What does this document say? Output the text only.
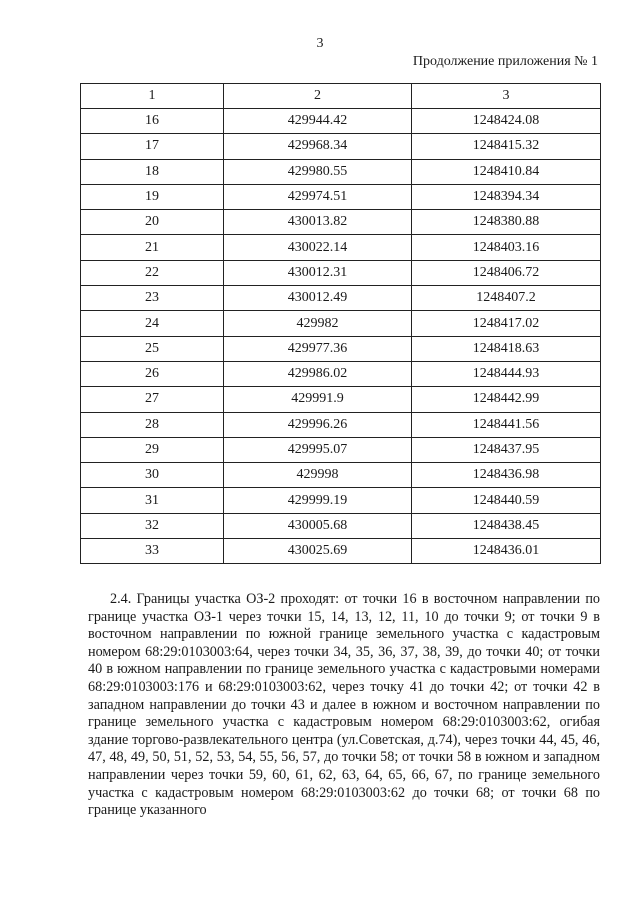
3
Продолжение приложения № 1
1	2	3
16	429944.42	1248424.08
17	429968.34	1248415.32
18	429980.55	1248410.84
19	429974.51	1248394.34
20	430013.82	1248380.88
21	430022.14	1248403.16
22	430012.31	1248406.72
23	430012.49	1248407.2
24	429982	1248417.02
25	429977.36	1248418.63
26	429986.02	1248444.93
27	429991.9	1248442.99
28	429996.26	1248441.56
29	429995.07	1248437.95
30	429998	1248436.98
31	429999.19	1248440.59
32	430005.68	1248438.45
33	430025.69	1248436.01

2.4. Границы участка ОЗ-2 проходят: от точки 16 в восточном направлении по границе участка ОЗ-1 через точки 15, 14, 13, 12, 11, 10 до точки 9; от точки 9 в восточном направлении по южной границе земельного участка с кадастровым номером 68:29:0103003:64, через точки 34, 35, 36, 37, 38, 39, до точки 40; от точки 40 в южном направлении по границе земельного участка с кадастровыми номерами 68:29:0103003:176 и 68:29:0103003:62, через точку 41 до точки 42; от точки 42 в западном направлении до точки 43 и далее в южном и восточном направлении по границе земельного участка с кадастровым номером 68:29:0103003:62, огибая здание торгово-развлекательного центра (ул.Советская, д.74), через точки 44, 45, 46, 47, 48, 49, 50, 51, 52, 53, 54, 55, 56, 57, до точки 58; от точки 58 в южном и западном направлении через точки 59, 60, 61, 62, 63, 64, 65, 66, 67, по границе земельного участка с кадастровым номером 68:29:0103003:62 до точки 68; от точки 68 по границе указанного
